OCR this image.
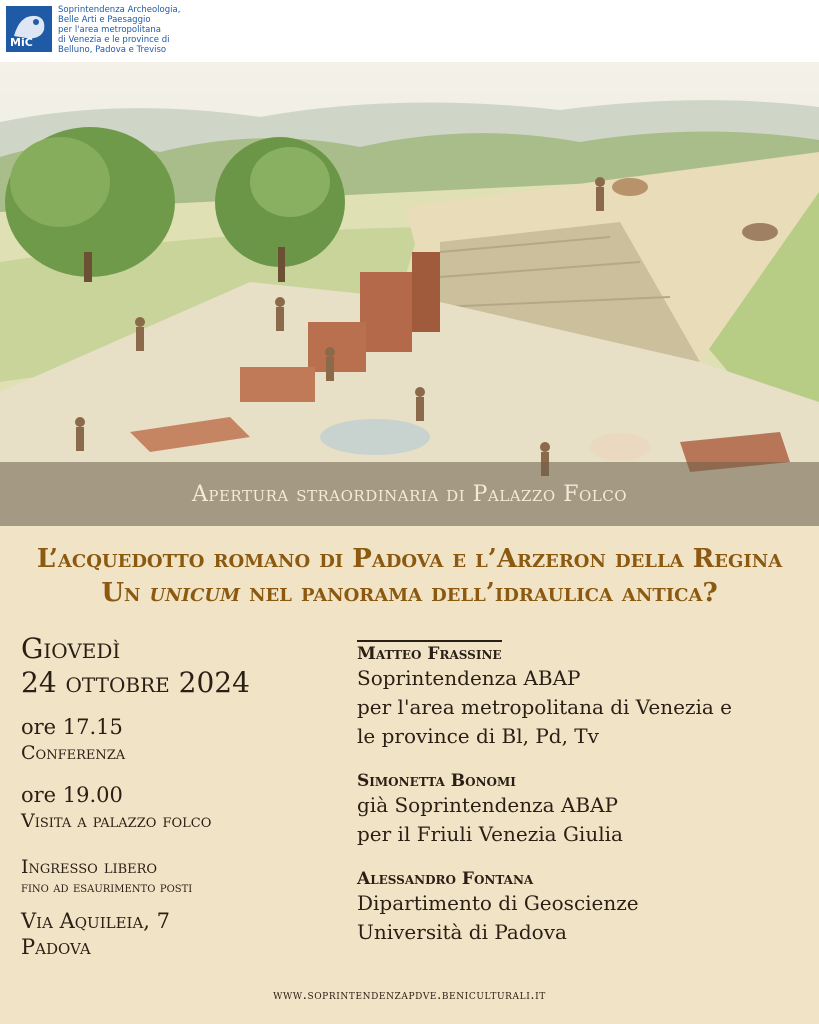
MiC
Soprintendenza Archeologia,
Belle Arti e Paesaggio
per l'area metropolitana
di Venezia e le province di
Belluno, Padova e Treviso
Apertura straordinaria di Palazzo Folco
L’acquedotto romano di Padova e l’Arzeron della Regina
Un unicum nel panorama dell’idraulica antica?
Giovedì
24 ottobre 2024
ore 17.15
Conferenza
ore 19.00
Visita a palazzo folco
Ingresso libero
fino ad esaurimento posti
Via Aquileia, 7
Padova
Matteo Frassine
Soprintendenza ABAP
per l'area metropolitana di Venezia e
le province di Bl, Pd, Tv
Simonetta Bonomi
già Soprintendenza ABAP
per il Friuli Venezia Giulia
Alessandro Fontana
Dipartimento di Geoscienze
Università di Padova
www.soprintendenzapdve.beniculturali.it
